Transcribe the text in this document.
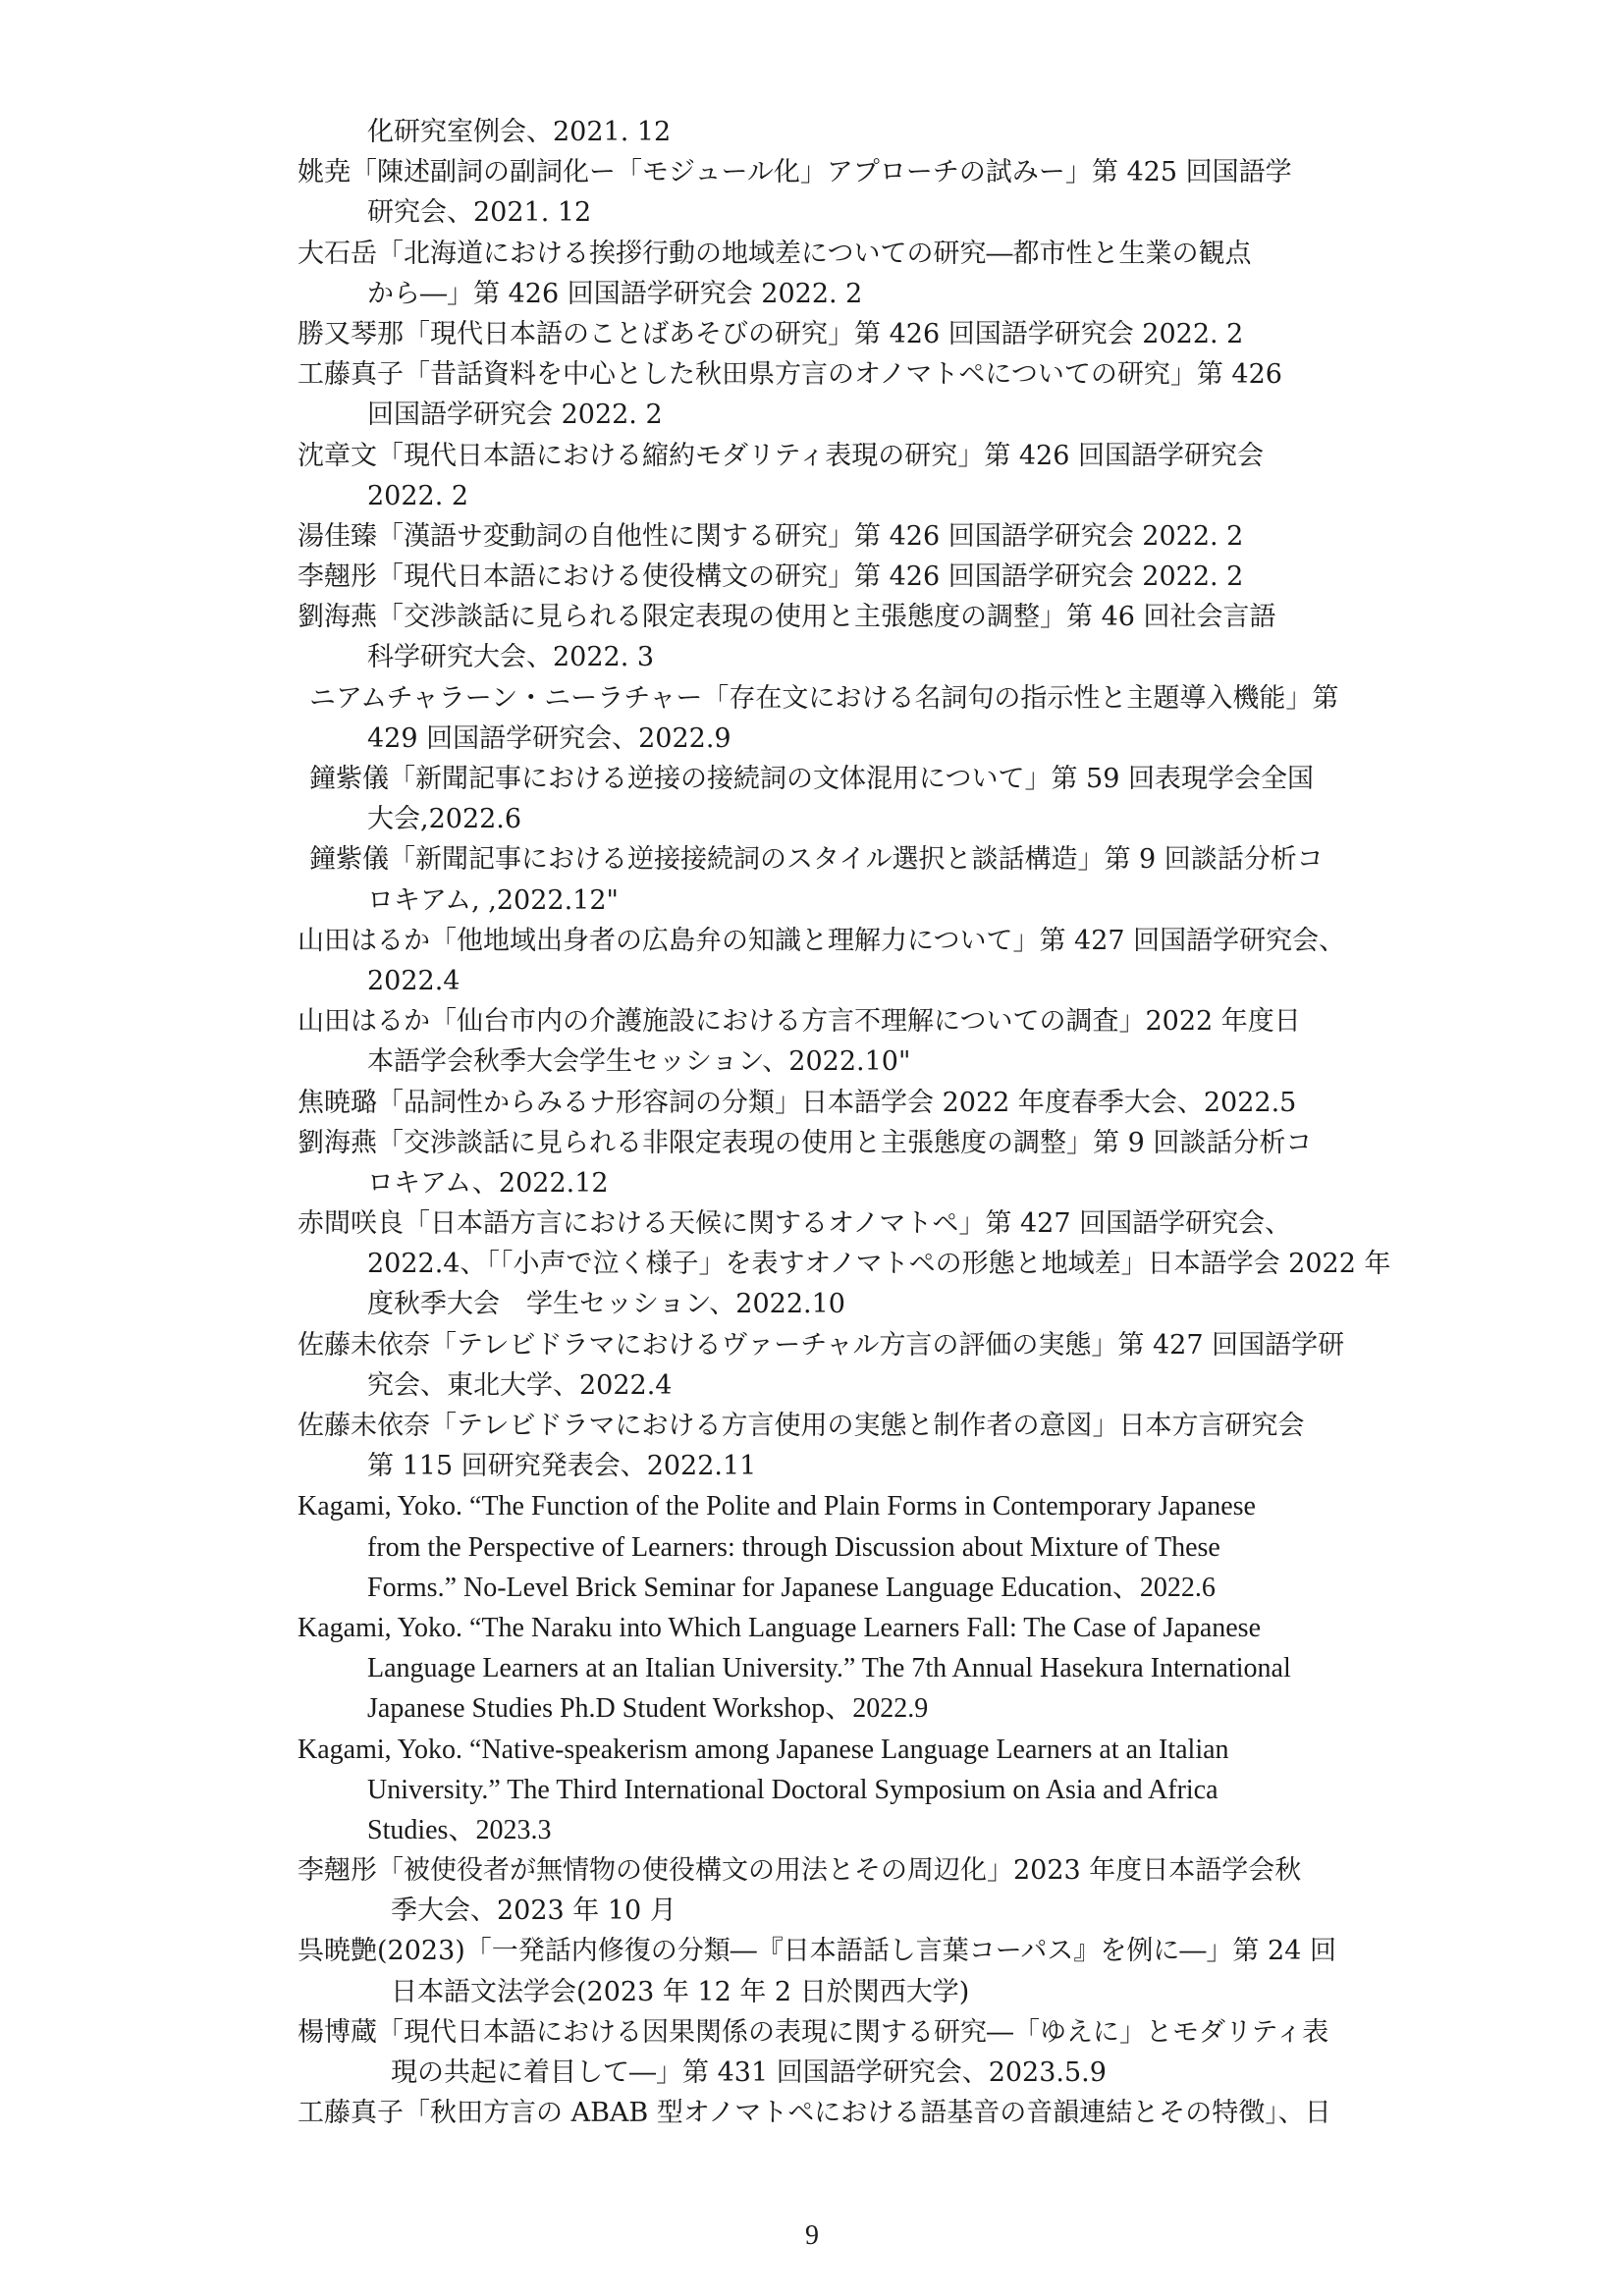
化研究室例会、2021. 12
姚尭「陳述副詞の副詞化ー「モジュール化」アプローチの試みー」第 425 回国語学
研究会、2021. 12
大石岳「北海道における挨拶行動の地域差についての研究―都市性と生業の観点
から―」第 426 回国語学研究会 2022. 2
勝又琴那「現代日本語のことばあそびの研究」第 426 回国語学研究会 2022. 2
工藤真子「昔話資料を中心とした秋田県方言のオノマトペについての研究」第 426
回国語学研究会 2022. 2
沈章文「現代日本語における縮約モダリティ表現の研究」第 426 回国語学研究会
2022. 2
湯佳臻「漢語サ変動詞の自他性に関する研究」第 426 回国語学研究会 2022. 2
李翹彤「現代日本語における使役構文の研究」第 426 回国語学研究会 2022. 2
劉海燕「交渉談話に見られる限定表現の使用と主張態度の調整」第 46 回社会言語
科学研究大会、2022. 3
ニアムチャラーン・ニーラチャー「存在文における名詞句の指示性と主題導入機能」第
429 回国語学研究会、2022.9
鐘紫儀「新聞記事における逆接の接続詞の文体混用について」第 59 回表現学会全国
大会,2022.6
鐘紫儀「新聞記事における逆接接続詞のスタイル選択と談話構造」第 9 回談話分析コ
ロキアム, ,2022.12"
山田はるか「他地域出身者の広島弁の知識と理解力について」第 427 回国語学研究会、
2022.4
山田はるか「仙台市内の介護施設における方言不理解についての調査」2022 年度日
本語学会秋季大会学生セッション、2022.10"
焦暁璐「品詞性からみるナ形容詞の分類」日本語学会 2022 年度春季大会、2022.5
劉海燕「交渉談話に見られる非限定表現の使用と主張態度の調整」第 9 回談話分析コ
ロキアム、2022.12
赤間咲良「日本語方言における天候に関するオノマトペ」第 427 回国語学研究会、
2022.4、「「小声で泣く様子」を表すオノマトペの形態と地域差」日本語学会 2022 年
度秋季大会　学生セッション、2022.10
佐藤未依奈「テレビドラマにおけるヴァーチャル方言の評価の実態」第 427 回国語学研
究会、東北大学、2022.4
佐藤未依奈「テレビドラマにおける方言使用の実態と制作者の意図」日本方言研究会
第 115 回研究発表会、2022.11
Kagami, Yoko. “The Function of the Polite and Plain Forms in Contemporary Japanese
from the Perspective of Learners: through Discussion about Mixture of These
Forms.” No-Level Brick Seminar for Japanese Language Education、2022.6
Kagami, Yoko. “The Naraku into Which Language Learners Fall: The Case of Japanese
Language Learners at an Italian University.” The 7th Annual Hasekura International
Japanese Studies Ph.D Student Workshop、2022.9
Kagami, Yoko. “Native-speakerism among Japanese Language Learners at an Italian
University.” The Third International Doctoral Symposium on Asia and Africa
Studies、2023.3
李翹彤「被使役者が無情物の使役構文の用法とその周辺化」2023 年度日本語学会秋
季大会、2023 年 10 月
呉暁艶(2023)「一発話内修復の分類―『日本語話し言葉コーパス』を例に―」第 24 回
日本語文法学会(2023 年 12 年 2 日於関西大学)
楊博蔵「現代日本語における因果関係の表現に関する研究―「ゆえに」とモダリティ表
現の共起に着目して―」第 431 回国語学研究会、2023.5.9
工藤真子「秋田方言の ABAB 型オノマトペにおける語基音の音韻連結とその特徴」、日
9
